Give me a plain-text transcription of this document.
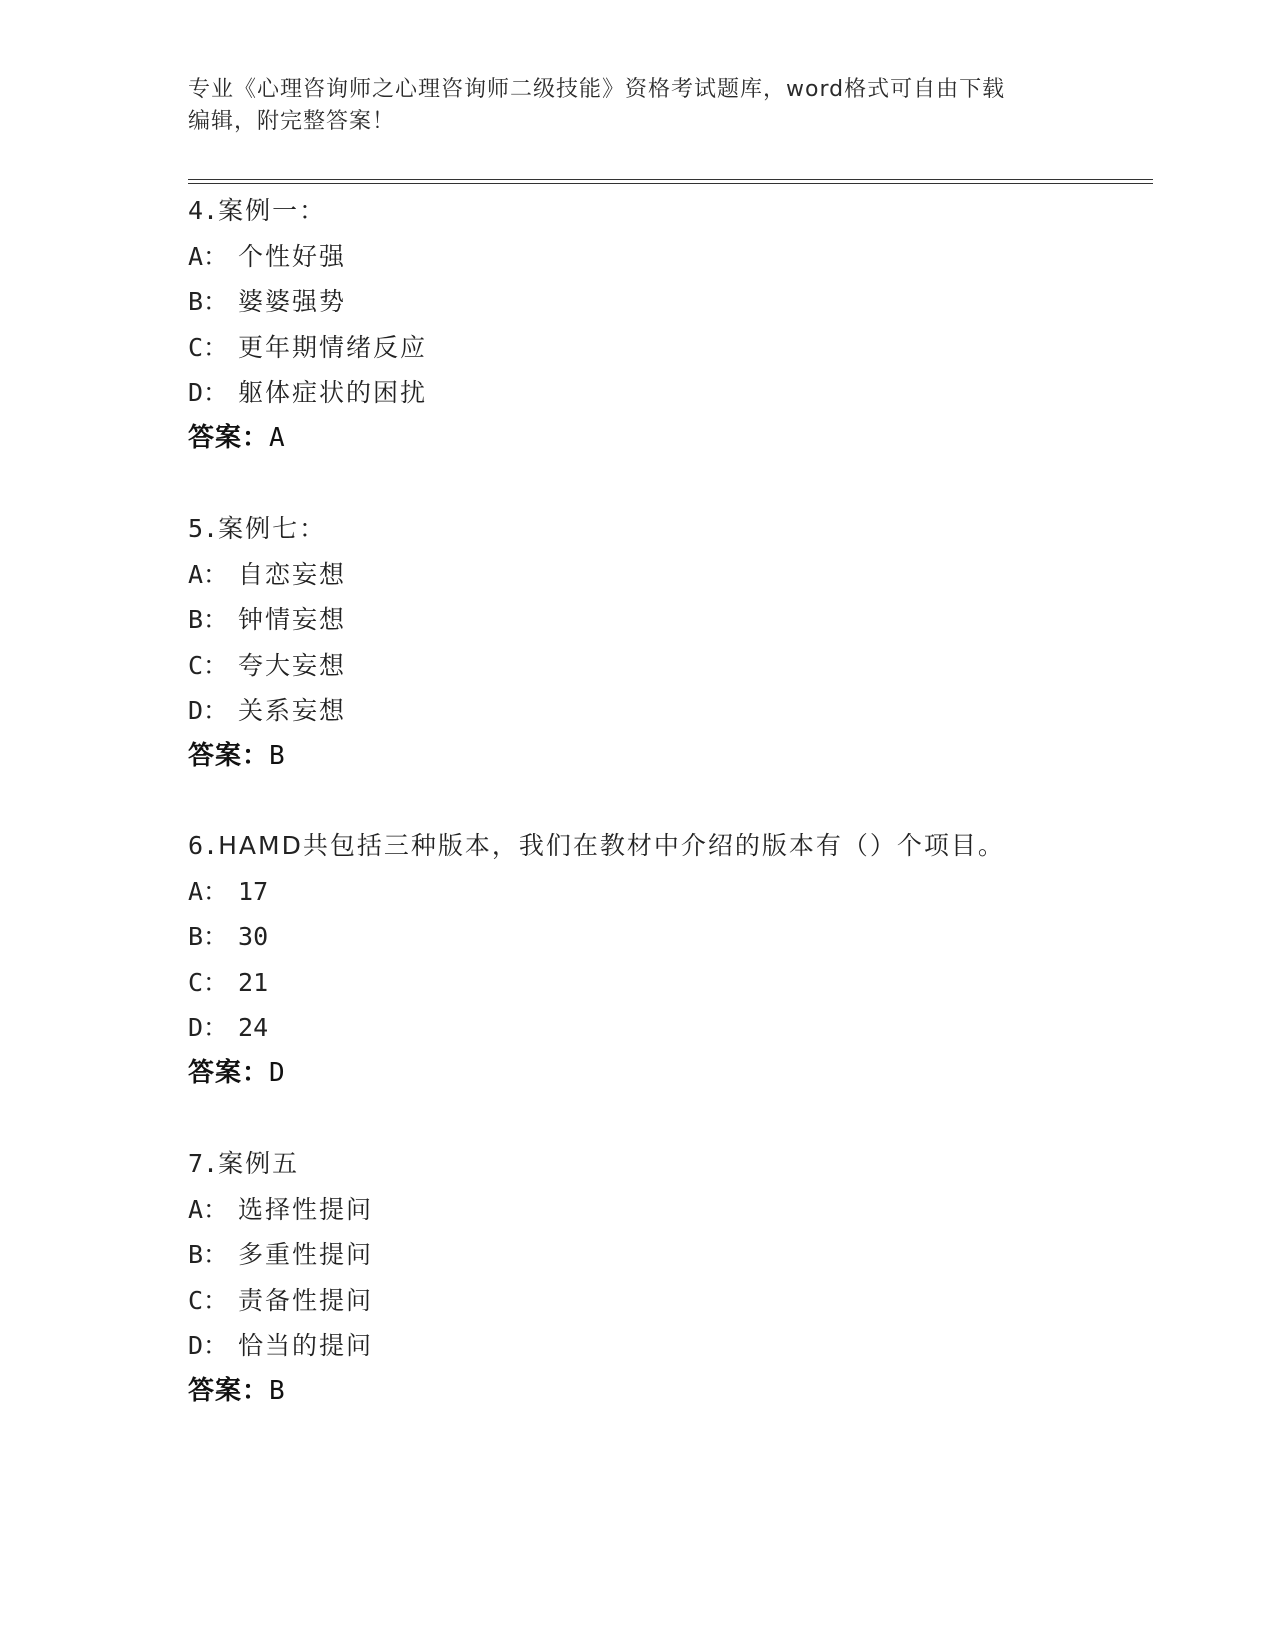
专业《心理咨询师之心理咨询师二级技能》资格考试题库，word格式可自由下载
编辑，附完整答案！
4.案例一：
A： 个性好强
B： 婆婆强势
C： 更年期情绪反应
D： 躯体症状的困扰
答案：A
5.案例七：
A： 自恋妄想
B： 钟情妄想
C： 夸大妄想
D： 关系妄想
答案：B
6.HAMD共包括三种版本，我们在教材中介绍的版本有（）个项目。
A： 17
B： 30
C： 21
D： 24
答案：D
7.案例五
A： 选择性提问
B： 多重性提问
C： 责备性提问
D： 恰当的提问
答案：B
